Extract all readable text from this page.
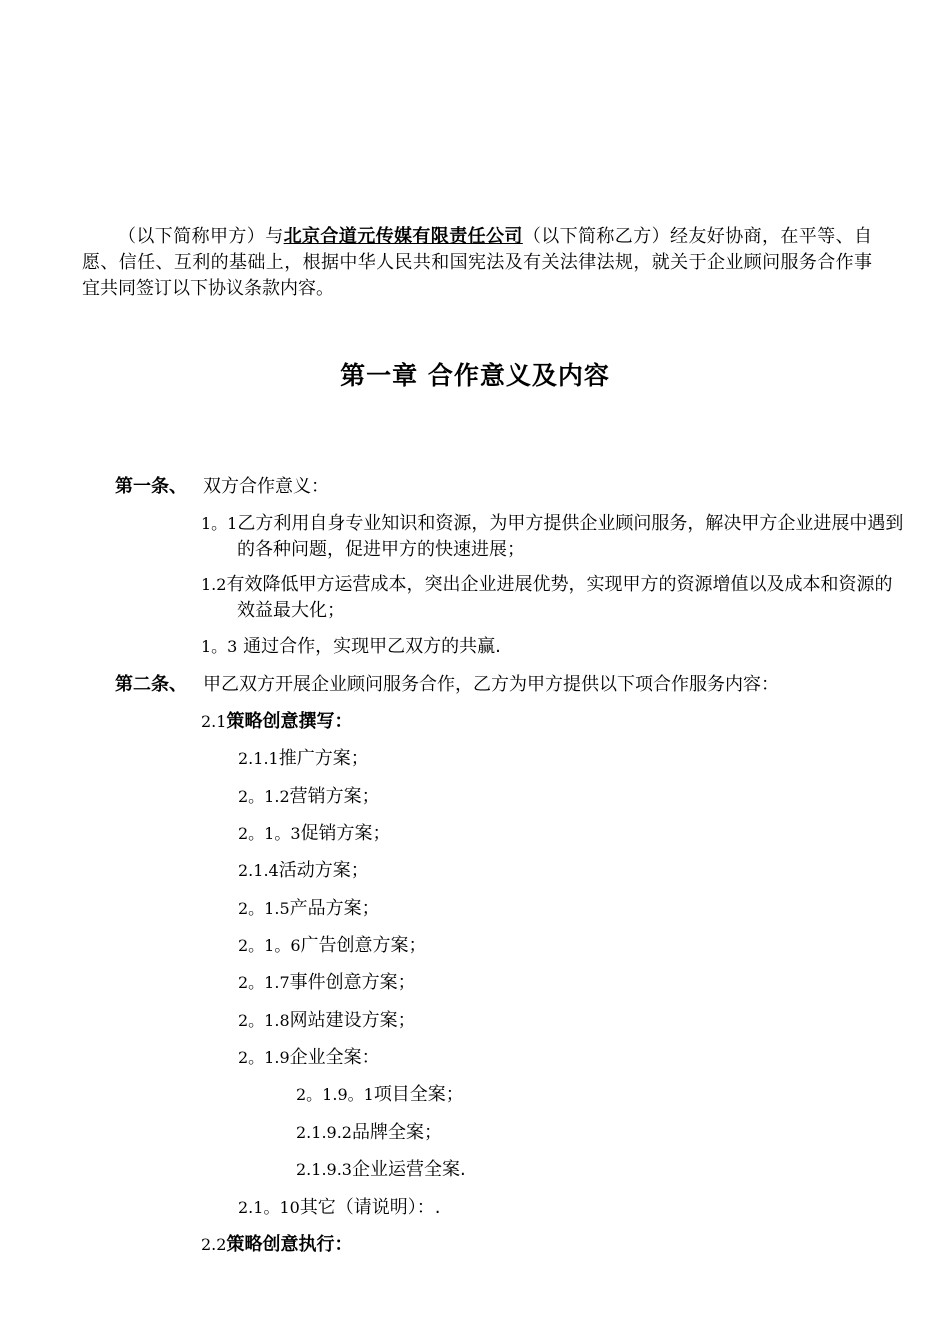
（以下简称甲方）与北京合道元传媒有限责任公司（以下简称乙方）经友好协商，在平等、自愿、信任、互利的基础上，根据中华人民共和国宪法及有关法律法规，就关于企业顾问服务合作事宜共同签订以下协议条款内容。

第一章 合作意义及内容
第一条、 双方合作意义：
1。1乙方利用自身专业知识和资源，为甲方提供企业顾问服务，解决甲方企业进展中遇到的各种问题，促进甲方的快速进展；
1.2有效降低甲方运营成本，突出企业进展优势，实现甲方的资源增值以及成本和资源的效益最大化；
1。3 通过合作，实现甲乙双方的共赢.
第二条、 甲乙双方开展企业顾问服务合作，乙方为甲方提供以下项合作服务内容：
2.1策略创意撰写：
2.1.1推广方案；
2。1.2营销方案；
2。1。3促销方案；
2.1.4活动方案；
2。1.5产品方案；
2。1。6广告创意方案；
2。1.7事件创意方案；
2。1.8网站建设方案；
2。1.9企业全案：
2。1.9。1项目全案；
2.1.9.2品牌全案；
2.1.9.3企业运营全案.
2.1。10其它（请说明）：.
2.2策略创意执行：
